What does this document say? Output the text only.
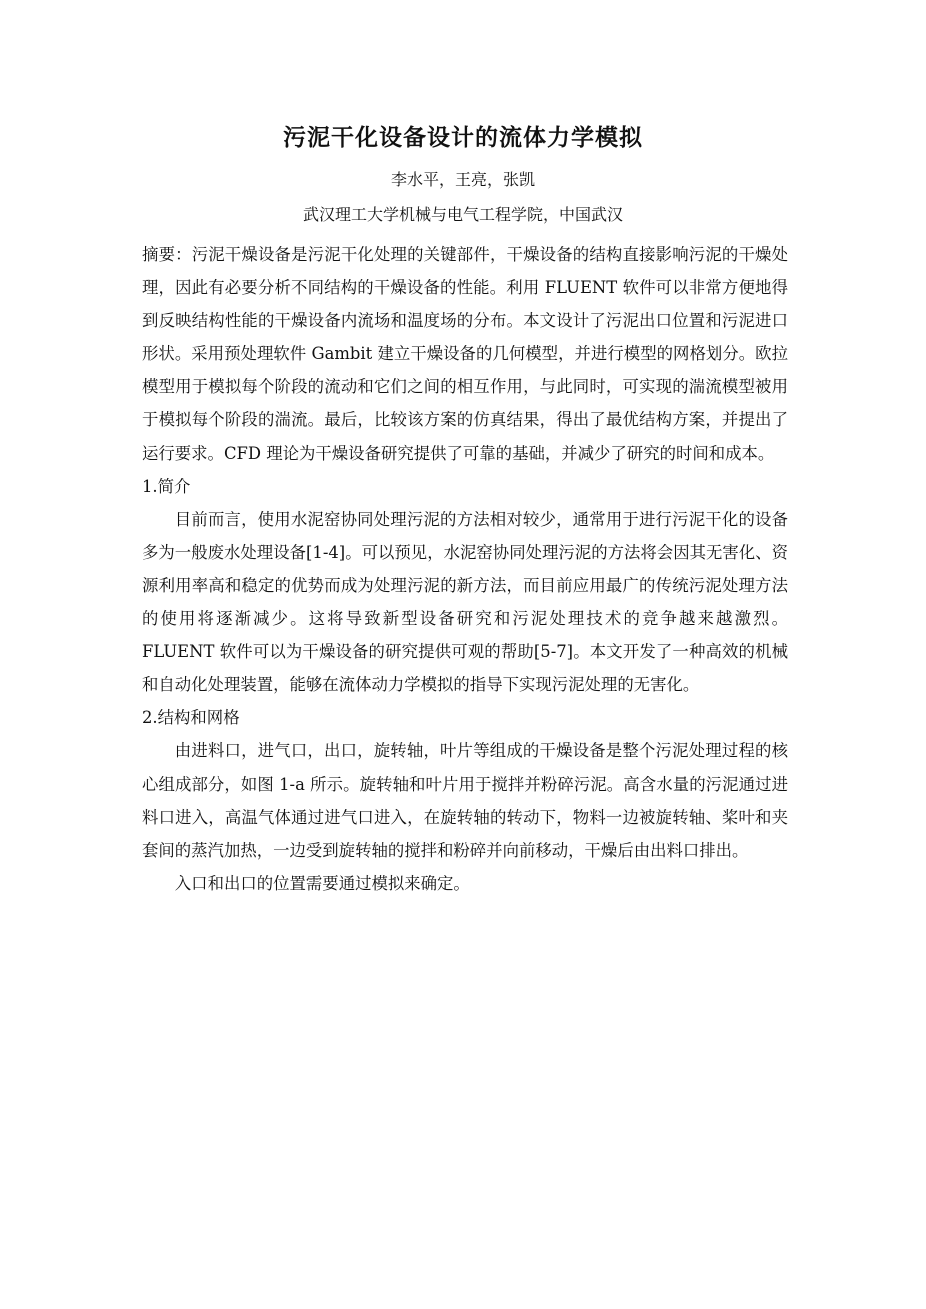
污泥干化设备设计的流体力学模拟
李水平，王亮，张凯
武汉理工大学机械与电气工程学院，中国武汉

摘要：污泥干燥设备是污泥干化处理的关键部件，干燥设备的结构直接影响污泥的干燥处理，因此有必要分析不同结构的干燥设备的性能。利用 FLUENT 软件可以非常方便地得到反映结构性能的干燥设备内流场和温度场的分布。本文设计了污泥出口位置和污泥进口形状。采用预处理软件 Gambit 建立干燥设备的几何模型，并进行模型的网格划分。欧拉模型用于模拟每个阶段的流动和它们之间的相互作用，与此同时，可实现的湍流模型被用于模拟每个阶段的湍流。最后，比较该方案的仿真结果，得出了最优结构方案，并提出了运行要求。CFD 理论为干燥设备研究提供了可靠的基础，并减少了研究的时间和成本。

1.简介

目前而言，使用水泥窑协同处理污泥的方法相对较少，通常用于进行污泥干化的设备多为一般废水处理设备[1-4]。可以预见，水泥窑协同处理污泥的方法将会因其无害化、资源利用率高和稳定的优势而成为处理污泥的新方法，而目前应用最广的传统污泥处理方法的使用将逐渐减少。这将导致新型设备研究和污泥处理技术的竞争越来越激烈。FLUENT 软件可以为干燥设备的研究提供可观的帮助[5-7]。本文开发了一种高效的机械和自动化处理装置，能够在流体动力学模拟的指导下实现污泥处理的无害化。

2.结构和网格

由进料口，进气口，出口，旋转轴，叶片等组成的干燥设备是整个污泥处理过程的核心组成部分，如图 1-a 所示。旋转轴和叶片用于搅拌并粉碎污泥。高含水量的污泥通过进料口进入，高温气体通过进气口进入，在旋转轴的转动下，物料一边被旋转轴、桨叶和夹套间的蒸汽加热，一边受到旋转轴的搅拌和粉碎并向前移动，干燥后由出料口排出。

入口和出口的位置需要通过模拟来确定。
